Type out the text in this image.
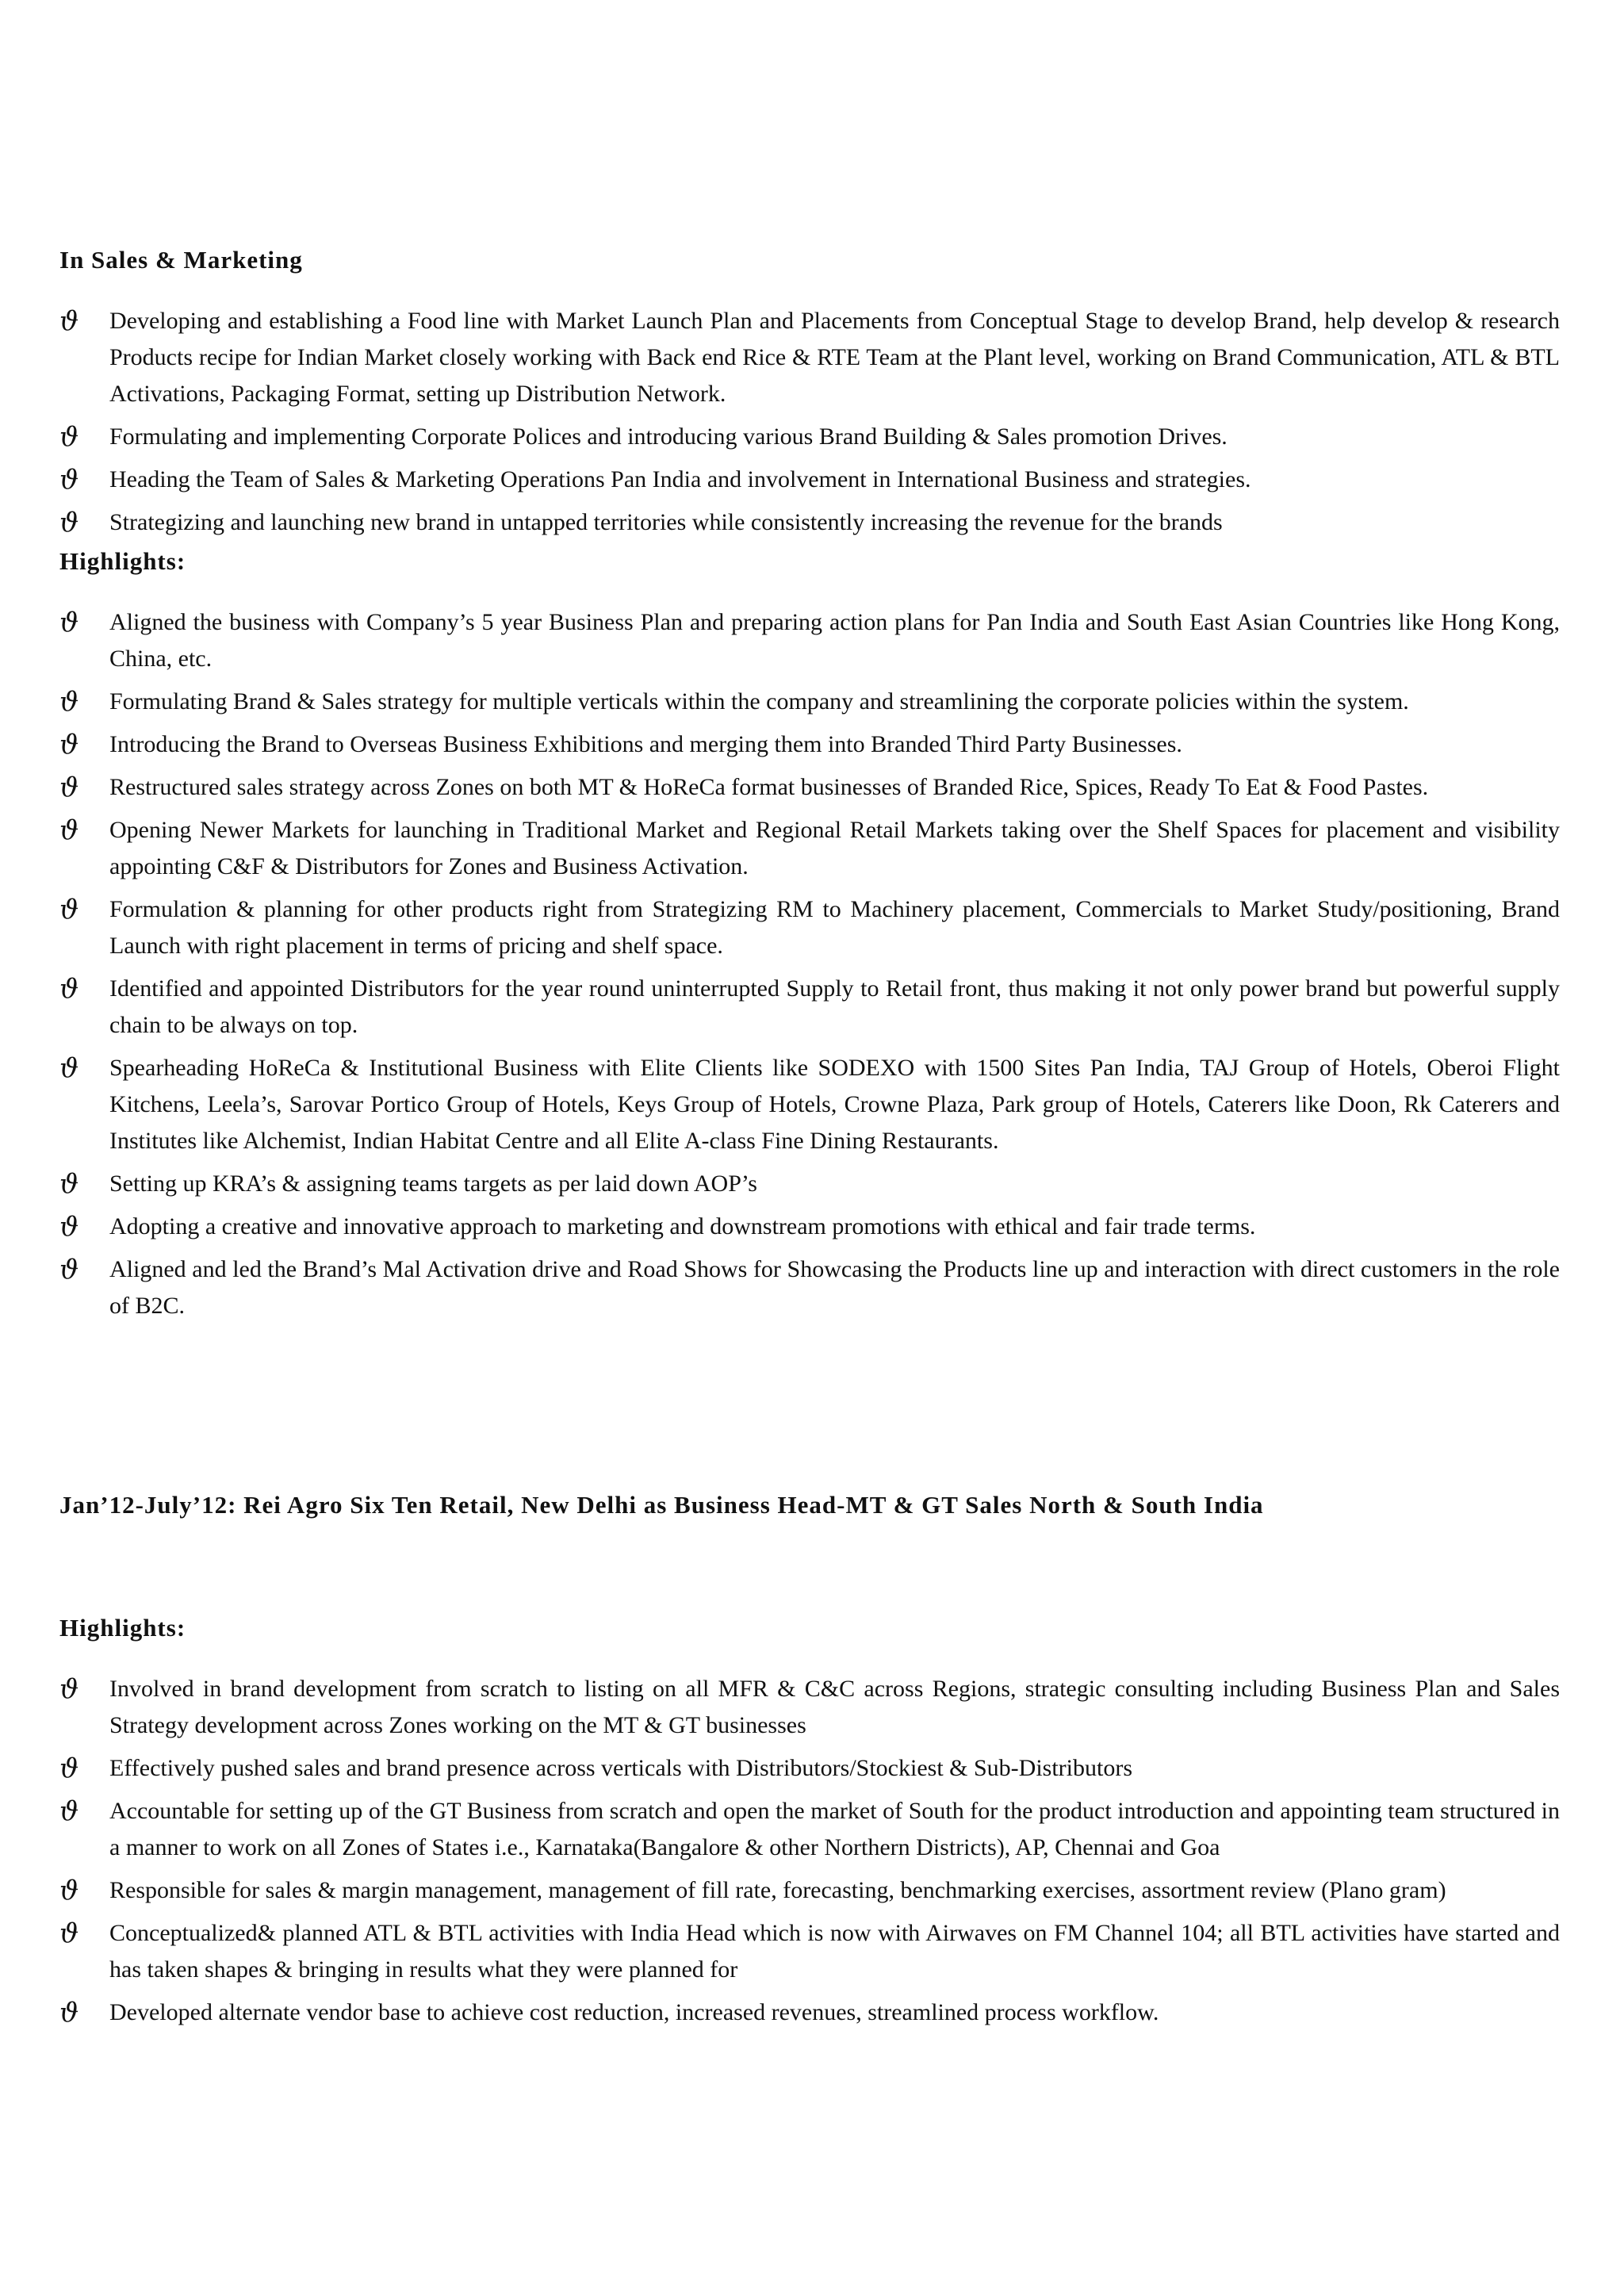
In Sales & Marketing
ϑ	Developing and establishing a Food line with Market Launch Plan and Placements from Conceptual Stage to develop Brand, help develop & research Products recipe for Indian Market closely working with Back end Rice & RTE Team at the Plant level, working on Brand Communication, ATL & BTL Activations, Packaging Format, setting up Distribution Network.
ϑ	Formulating and implementing Corporate Polices and introducing various Brand Building & Sales promotion Drives.
ϑ	Heading the Team of Sales & Marketing Operations Pan India and involvement in International Business and strategies.
ϑ	Strategizing and launching new brand in untapped territories while consistently increasing the revenue for the brands
Highlights:
ϑ	Aligned the business with Company’s 5 year Business Plan and preparing action plans for Pan India and South East Asian Countries like Hong Kong, China, etc.
ϑ	Formulating Brand & Sales strategy for multiple verticals within the company and streamlining the corporate policies within the system.
ϑ	Introducing the Brand to Overseas Business Exhibitions and merging them into Branded Third Party Businesses.
ϑ	Restructured sales strategy across Zones on both MT & HoReCa format businesses of Branded Rice, Spices, Ready To Eat & Food Pastes.
ϑ	Opening Newer Markets for launching in Traditional Market and Regional Retail Markets taking over the Shelf Spaces for placement and visibility appointing C&F & Distributors for Zones and Business Activation.
ϑ	Formulation & planning for other products right from Strategizing RM to Machinery placement, Commercials to Market Study/positioning, Brand Launch with right placement in terms of pricing and shelf space.
ϑ	Identified and appointed Distributors for the year round uninterrupted Supply to Retail front, thus making it not only power brand but powerful supply chain to be always on top.
ϑ	Spearheading HoReCa & Institutional Business with Elite Clients like SODEXO with 1500 Sites Pan India, TAJ Group of Hotels, Oberoi Flight Kitchens, Leela’s, Sarovar Portico Group of Hotels, Keys Group of Hotels, Crowne Plaza, Park group of Hotels, Caterers like Doon, Rk Caterers and Institutes like Alchemist, Indian Habitat Centre and all Elite A-class Fine Dining Restaurants.
ϑ	Setting up KRA’s & assigning teams targets as per laid down AOP’s
ϑ	Adopting a creative and innovative approach to marketing and downstream promotions with ethical and fair trade terms.
ϑ	Aligned and led the Brand’s Mal Activation drive and Road Shows for Showcasing the Products line up and interaction with direct customers in the role of B2C.
Jan’12-July’12: Rei Agro Six Ten Retail, New Delhi as Business Head-MT & GT Sales North & South India
Highlights:
ϑ	Involved in brand development from scratch to listing on all MFR & C&C across Regions, strategic consulting including Business Plan and Sales Strategy development across Zones working on the MT & GT businesses
ϑ	Effectively pushed sales and brand presence across verticals with Distributors/Stockiest & Sub-Distributors
ϑ	Accountable for setting up of the GT Business from scratch and open the market of South for the product introduction and appointing team structured in a manner to work on all Zones of States i.e., Karnataka(Bangalore & other Northern Districts), AP, Chennai and Goa
ϑ	Responsible for sales & margin management, management of fill rate, forecasting, benchmarking exercises, assortment review (Plano gram)
ϑ	Conceptualized& planned ATL & BTL activities with India Head which is now with Airwaves on FM Channel 104; all BTL activities have started and has taken shapes & bringing in results what they were planned for
ϑ	Developed alternate vendor base to achieve cost reduction, increased revenues, streamlined process workflow.
